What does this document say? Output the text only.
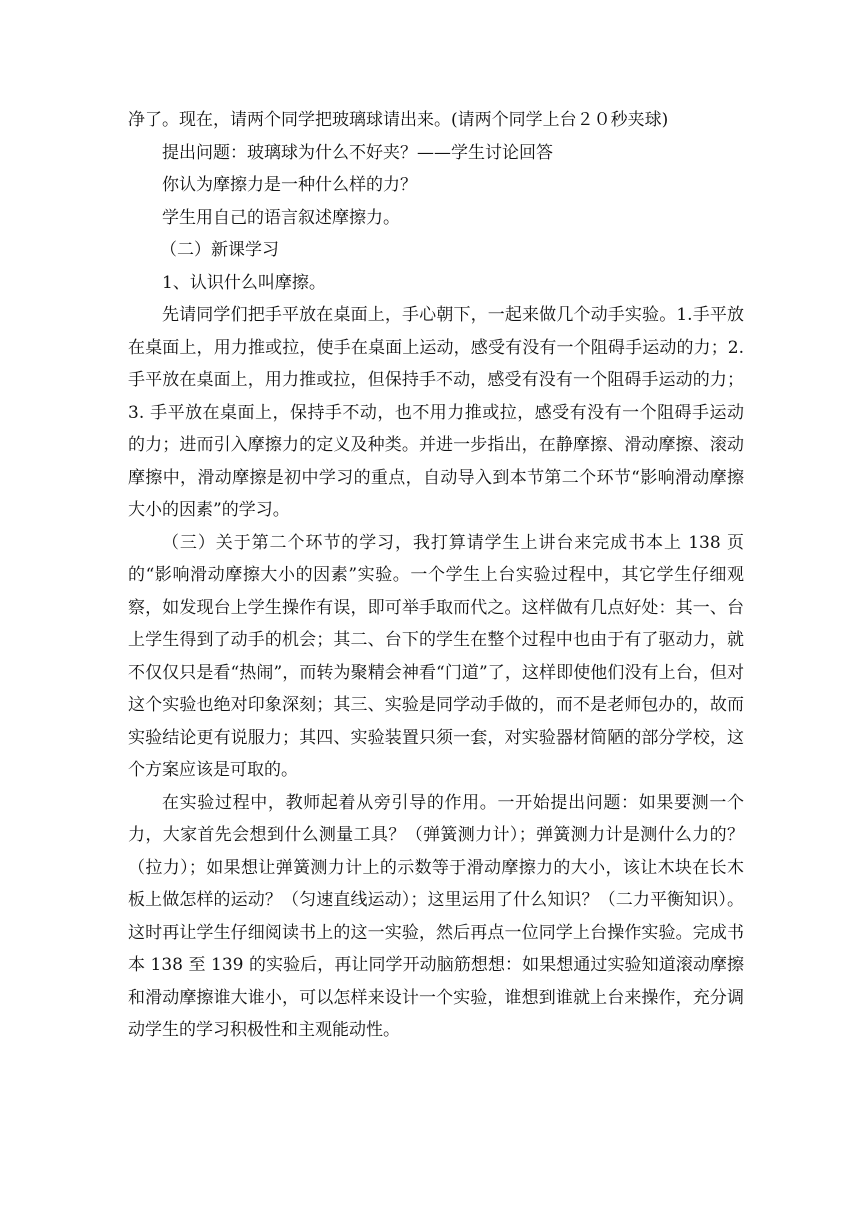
净了。现在，请两个同学把玻璃球请出来。(请两个同学上台２０秒夹球)

提出问题：玻璃球为什么不好夹？——学生讨论回答

你认为摩擦力是一种什么样的力？

学生用自己的语言叙述摩擦力。

（二）新课学习

1、认识什么叫摩擦。

先请同学们把手平放在桌面上，手心朝下，一起来做几个动手实验。1.手平放在桌面上，用力推或拉，使手在桌面上运动，感受有没有一个阻碍手运动的力；2. 手平放在桌面上，用力推或拉，但保持手不动，感受有没有一个阻碍手运动的力；3. 手平放在桌面上，保持手不动，也不用力推或拉，感受有没有一个阻碍手运动的力；进而引入摩擦力的定义及种类。并进一步指出，在静摩擦、滑动摩擦、滚动摩擦中，滑动摩擦是初中学习的重点，自动导入到本节第二个环节“影响滑动摩擦大小的因素”的学习。

（三）关于第二个环节的学习，我打算请学生上讲台来完成书本上 138 页的“影响滑动摩擦大小的因素”实验。一个学生上台实验过程中，其它学生仔细观察，如发现台上学生操作有误，即可举手取而代之。这样做有几点好处：其一、台上学生得到了动手的机会；其二、台下的学生在整个过程中也由于有了驱动力，就不仅仅只是看“热闹”，而转为聚精会神看“门道”了，这样即使他们没有上台，但对这个实验也绝对印象深刻；其三、实验是同学动手做的，而不是老师包办的，故而实验结论更有说服力；其四、实验装置只须一套，对实验器材简陋的部分学校，这个方案应该是可取的。

在实验过程中，教师起着从旁引导的作用。一开始提出问题：如果要测一个力，大家首先会想到什么测量工具？（弹簧测力计）；弹簧测力计是测什么力的？（拉力）；如果想让弹簧测力计上的示数等于滑动摩擦力的大小，该让木块在长木板上做怎样的运动？（匀速直线运动）；这里运用了什么知识？（二力平衡知识）。这时再让学生仔细阅读书上的这一实验，然后再点一位同学上台操作实验。完成书本 138 至 139 的实验后，再让同学开动脑筋想想：如果想通过实验知道滚动摩擦和滑动摩擦谁大谁小，可以怎样来设计一个实验，谁想到谁就上台来操作，充分调动学生的学习积极性和主观能动性。
